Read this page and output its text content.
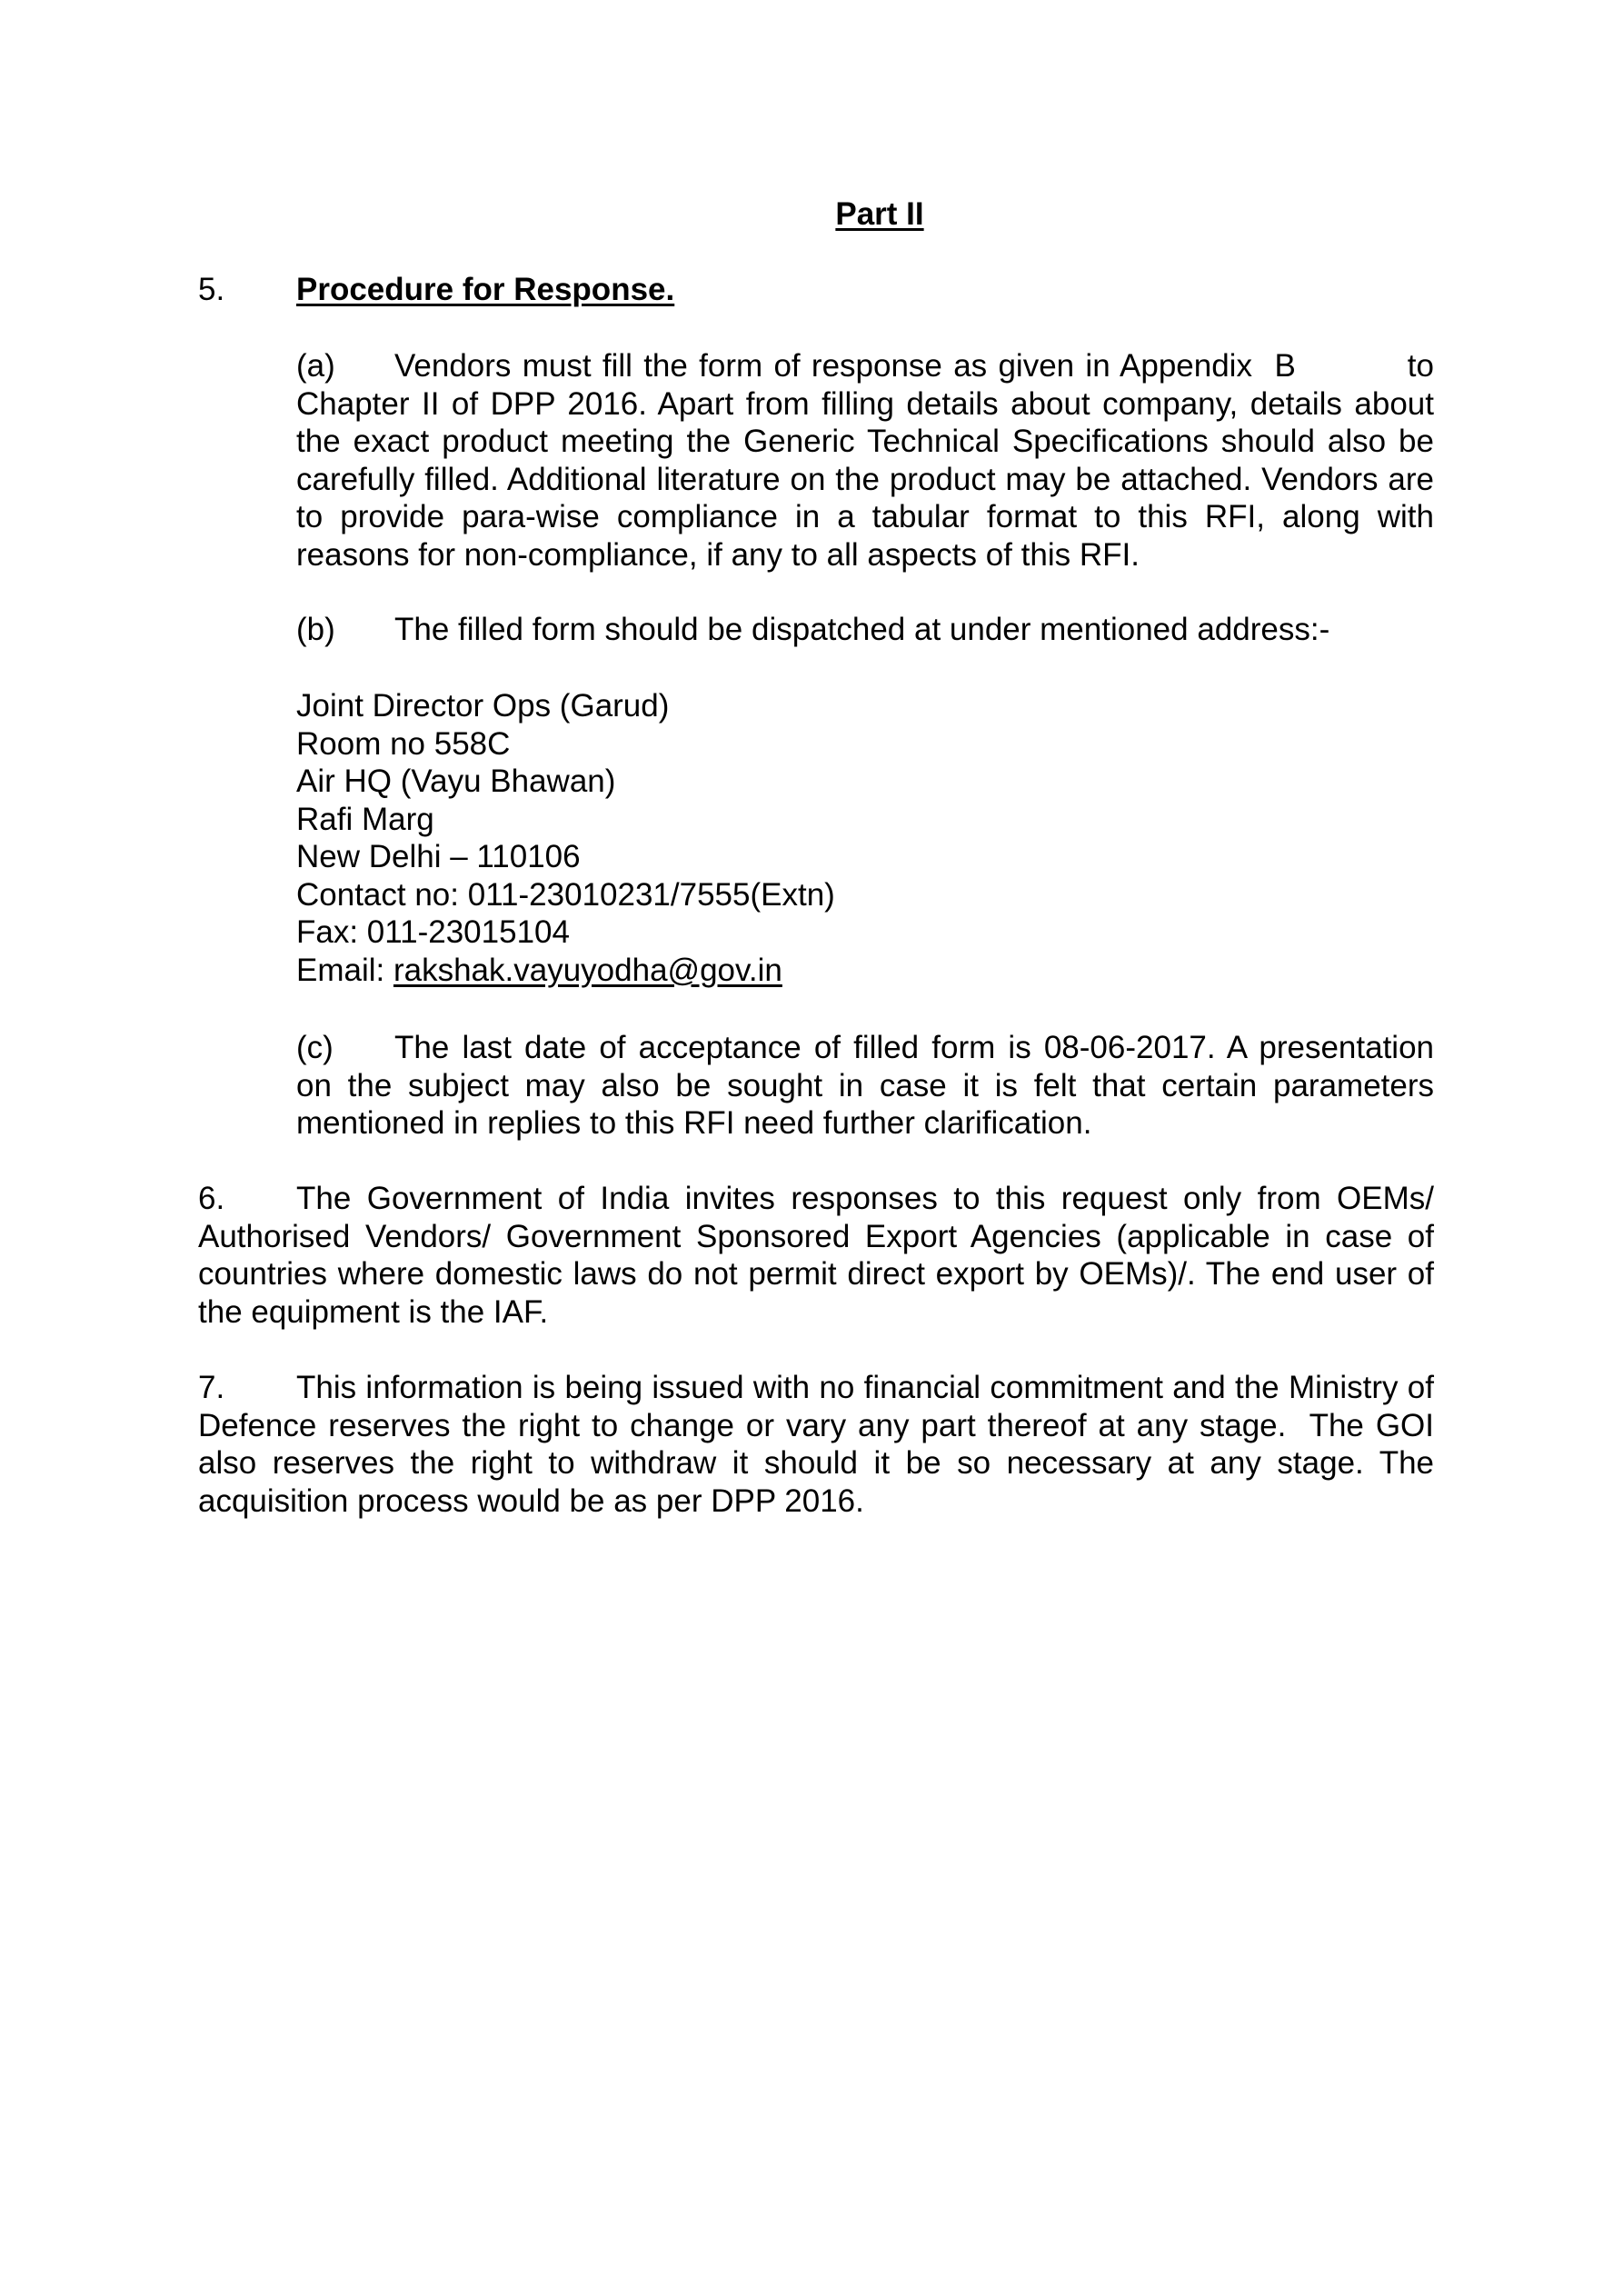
Part II
5. Procedure for Response.
(a) Vendors must fill the form of response as given in Appendix  B          to Chapter II of DPP 2016. Apart from filling details about company, details about the exact product meeting the Generic Technical Specifications should also be carefully filled. Additional literature on the product may be attached. Vendors are to provide para-wise compliance in a tabular format to this RFI, along with reasons for non-compliance, if any to all aspects of this RFI.
(b) The filled form should be dispatched at under mentioned address:-
Joint Director Ops (Garud)
Room no 558C
Air HQ (Vayu Bhawan)
Rafi Marg
New Delhi – 110106
Contact no: 011-23010231/7555(Extn)
Fax: 011-23015104
Email: rakshak.vayuyodha@gov.in
(c) The last date of acceptance of filled form is 08-06-2017. A presentation on the subject may also be sought in case it is felt that certain parameters mentioned in replies to this RFI need further clarification.
6. The Government of India invites responses to this request only from OEMs/ Authorised Vendors/ Government Sponsored Export Agencies (applicable in case of countries where domestic laws do not permit direct export by OEMs)/. The end user of the equipment is the IAF.
7. This information is being issued with no financial commitment and the Ministry of Defence reserves the right to change or vary any part thereof at any stage.  The GOI also reserves the right to withdraw it should it be so necessary at any stage. The acquisition process would be as per DPP 2016.
